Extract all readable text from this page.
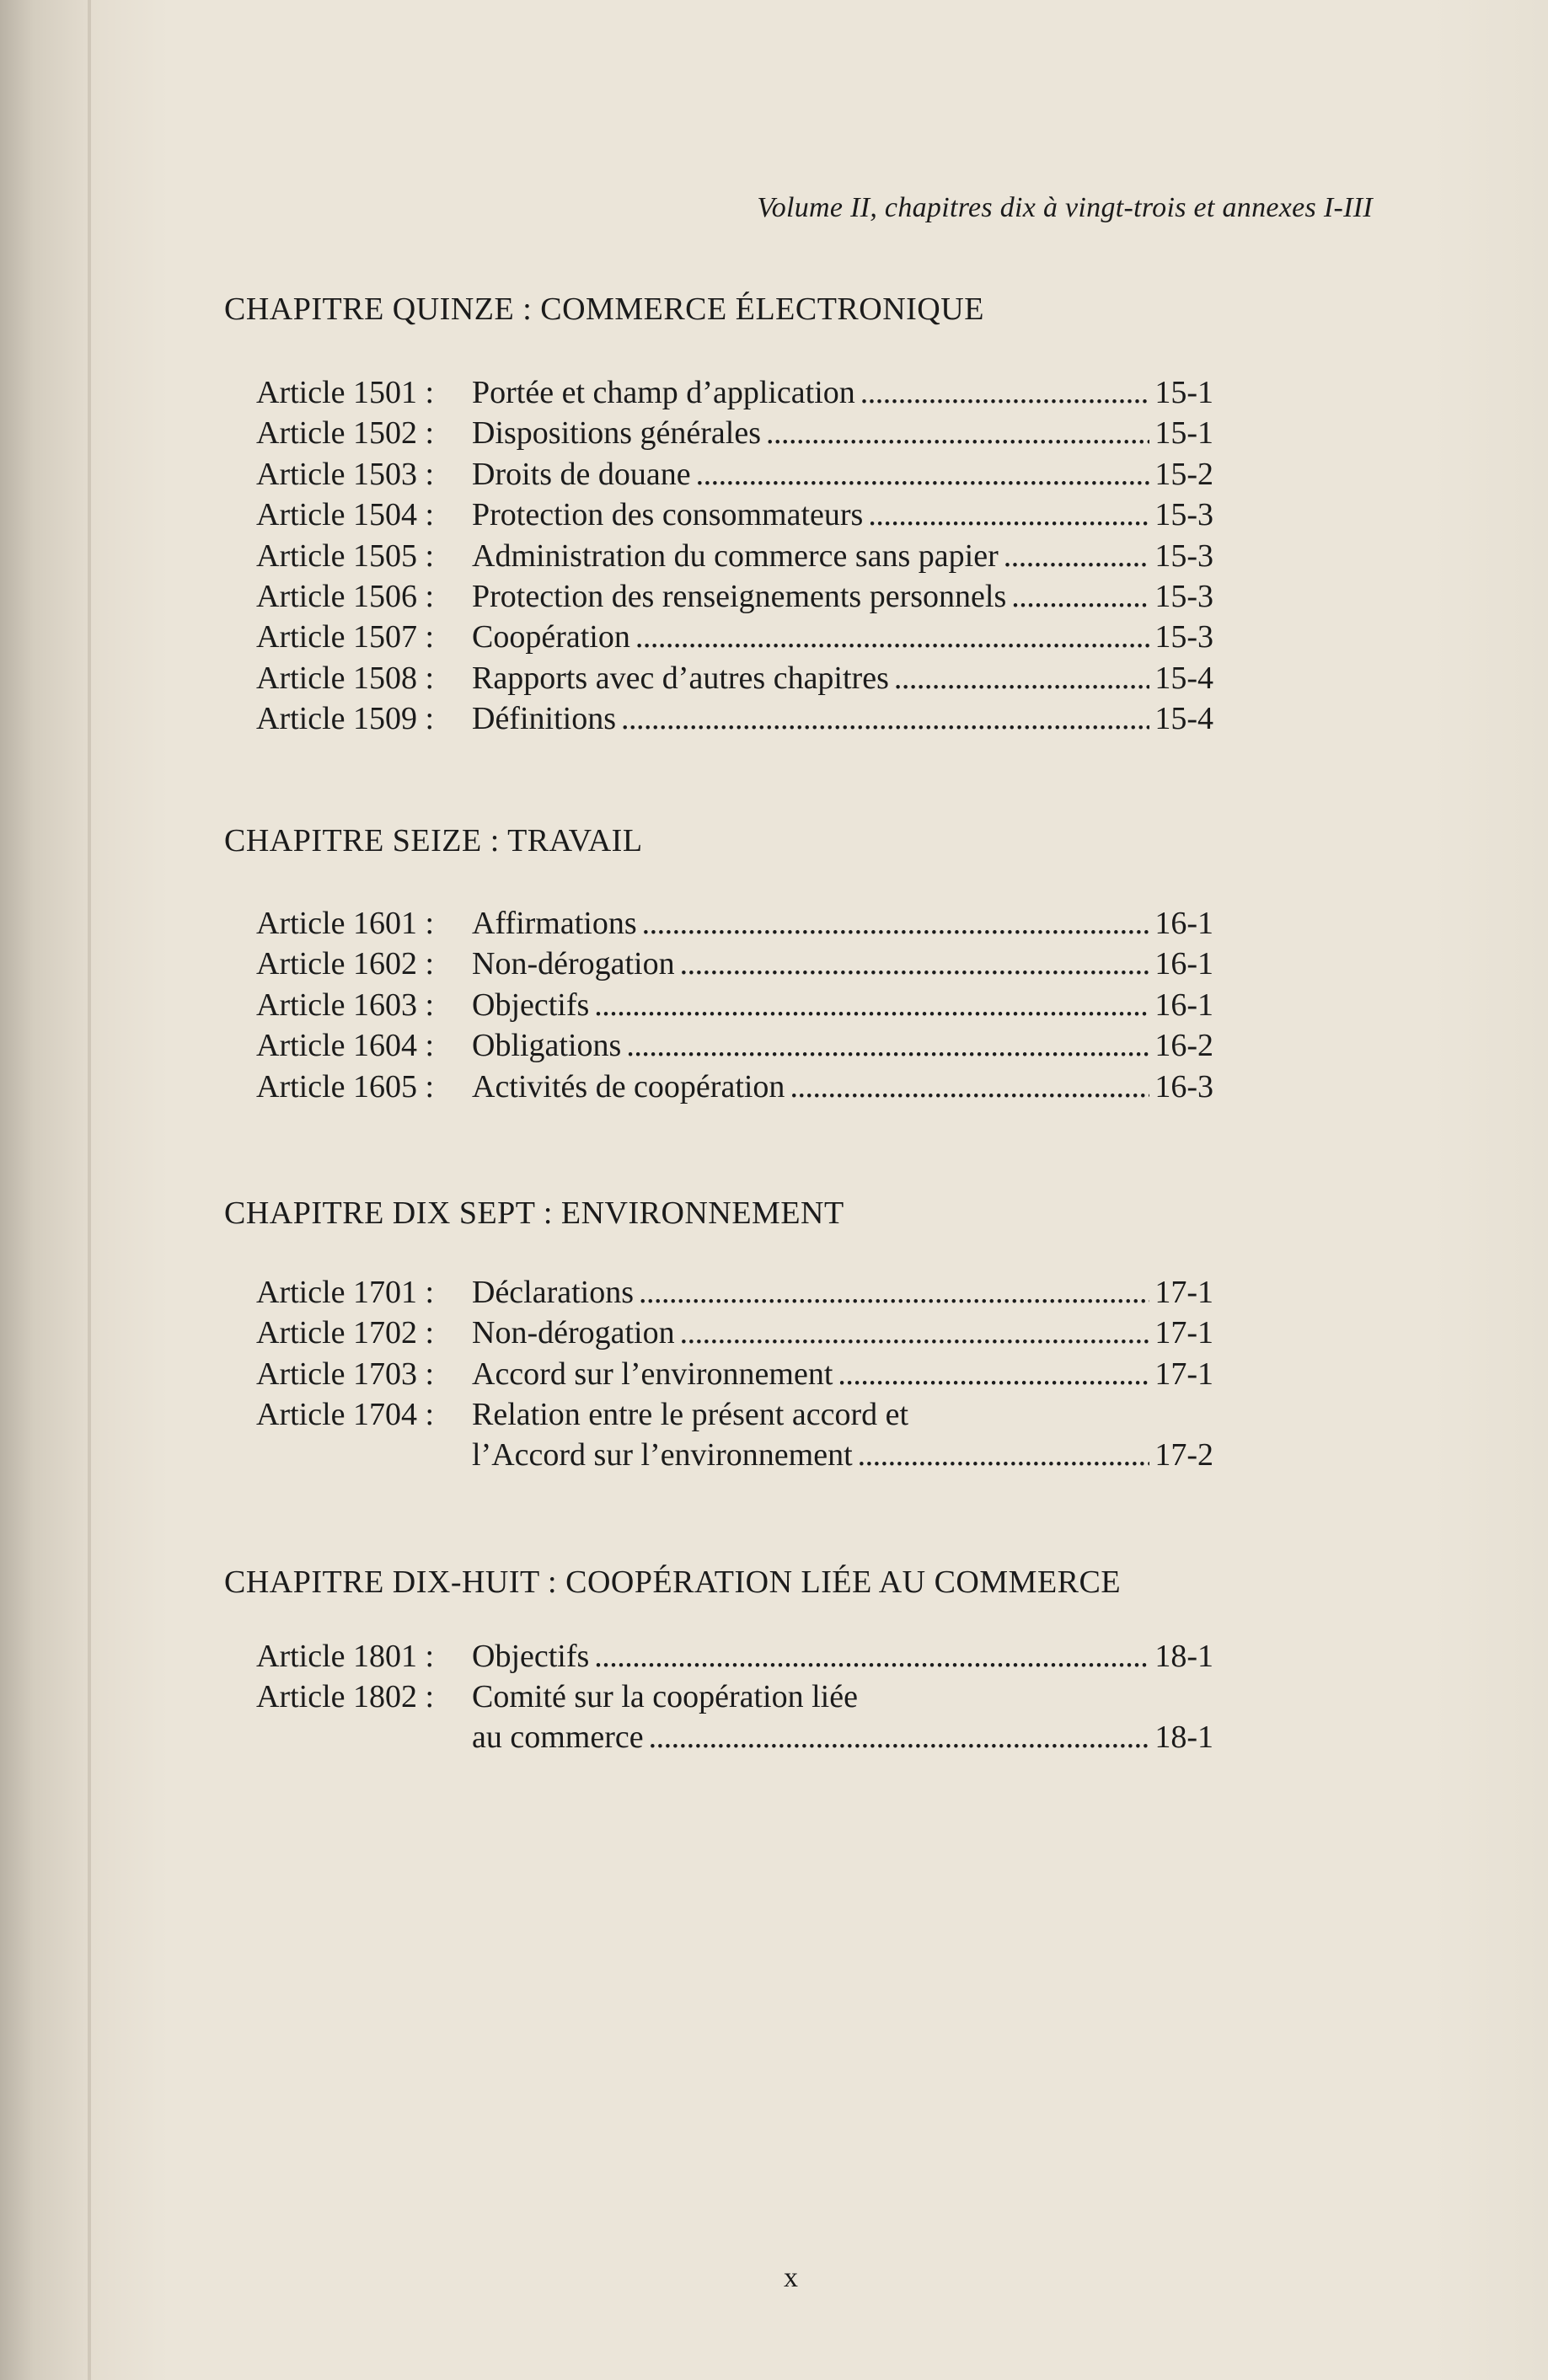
Volume II, chapitres dix à vingt-trois et annexes I-III
CHAPITRE QUINZE : COMMERCE ÉLECTRONIQUE
Article 1501 : Portée et champ d’application . . .	15-1
Article 1502 : Dispositions générales . . .	15-1
Article 1503 : Droits de douane . . .	15-2
Article 1504 : Protection des consommateurs . . .	15-3
Article 1505 : Administration du commerce sans papier . . .	15-3
Article 1506 : Protection des renseignements personnels . . .	15-3
Article 1507 : Coopération . . .	15-3
Article 1508 : Rapports avec d’autres chapitres . . .	15-4
Article 1509 : Définitions . . .	15-4
CHAPITRE SEIZE : TRAVAIL
Article 1601 : Affirmations . . .	16-1
Article 1602 : Non-dérogation . . .	16-1
Article 1603 : Objectifs . . .	16-1
Article 1604 : Obligations . . .	16-2
Article 1605 : Activités de coopération . . .	16-3
CHAPITRE DIX SEPT : ENVIRONNEMENT
Article 1701 : Déclarations . . .	17-1
Article 1702 : Non-dérogation . . .	17-1
Article 1703 : Accord sur l’environnement . . .	17-1
Article 1704 : Relation entre le présent accord et
l’Accord sur l’environnement . . .	17-2
CHAPITRE DIX-HUIT : COOPÉRATION LIÉE AU COMMERCE
Article 1801 : Objectifs . . .	18-1
Article 1802 : Comité sur la coopération liée
au commerce . . .	18-1
x
